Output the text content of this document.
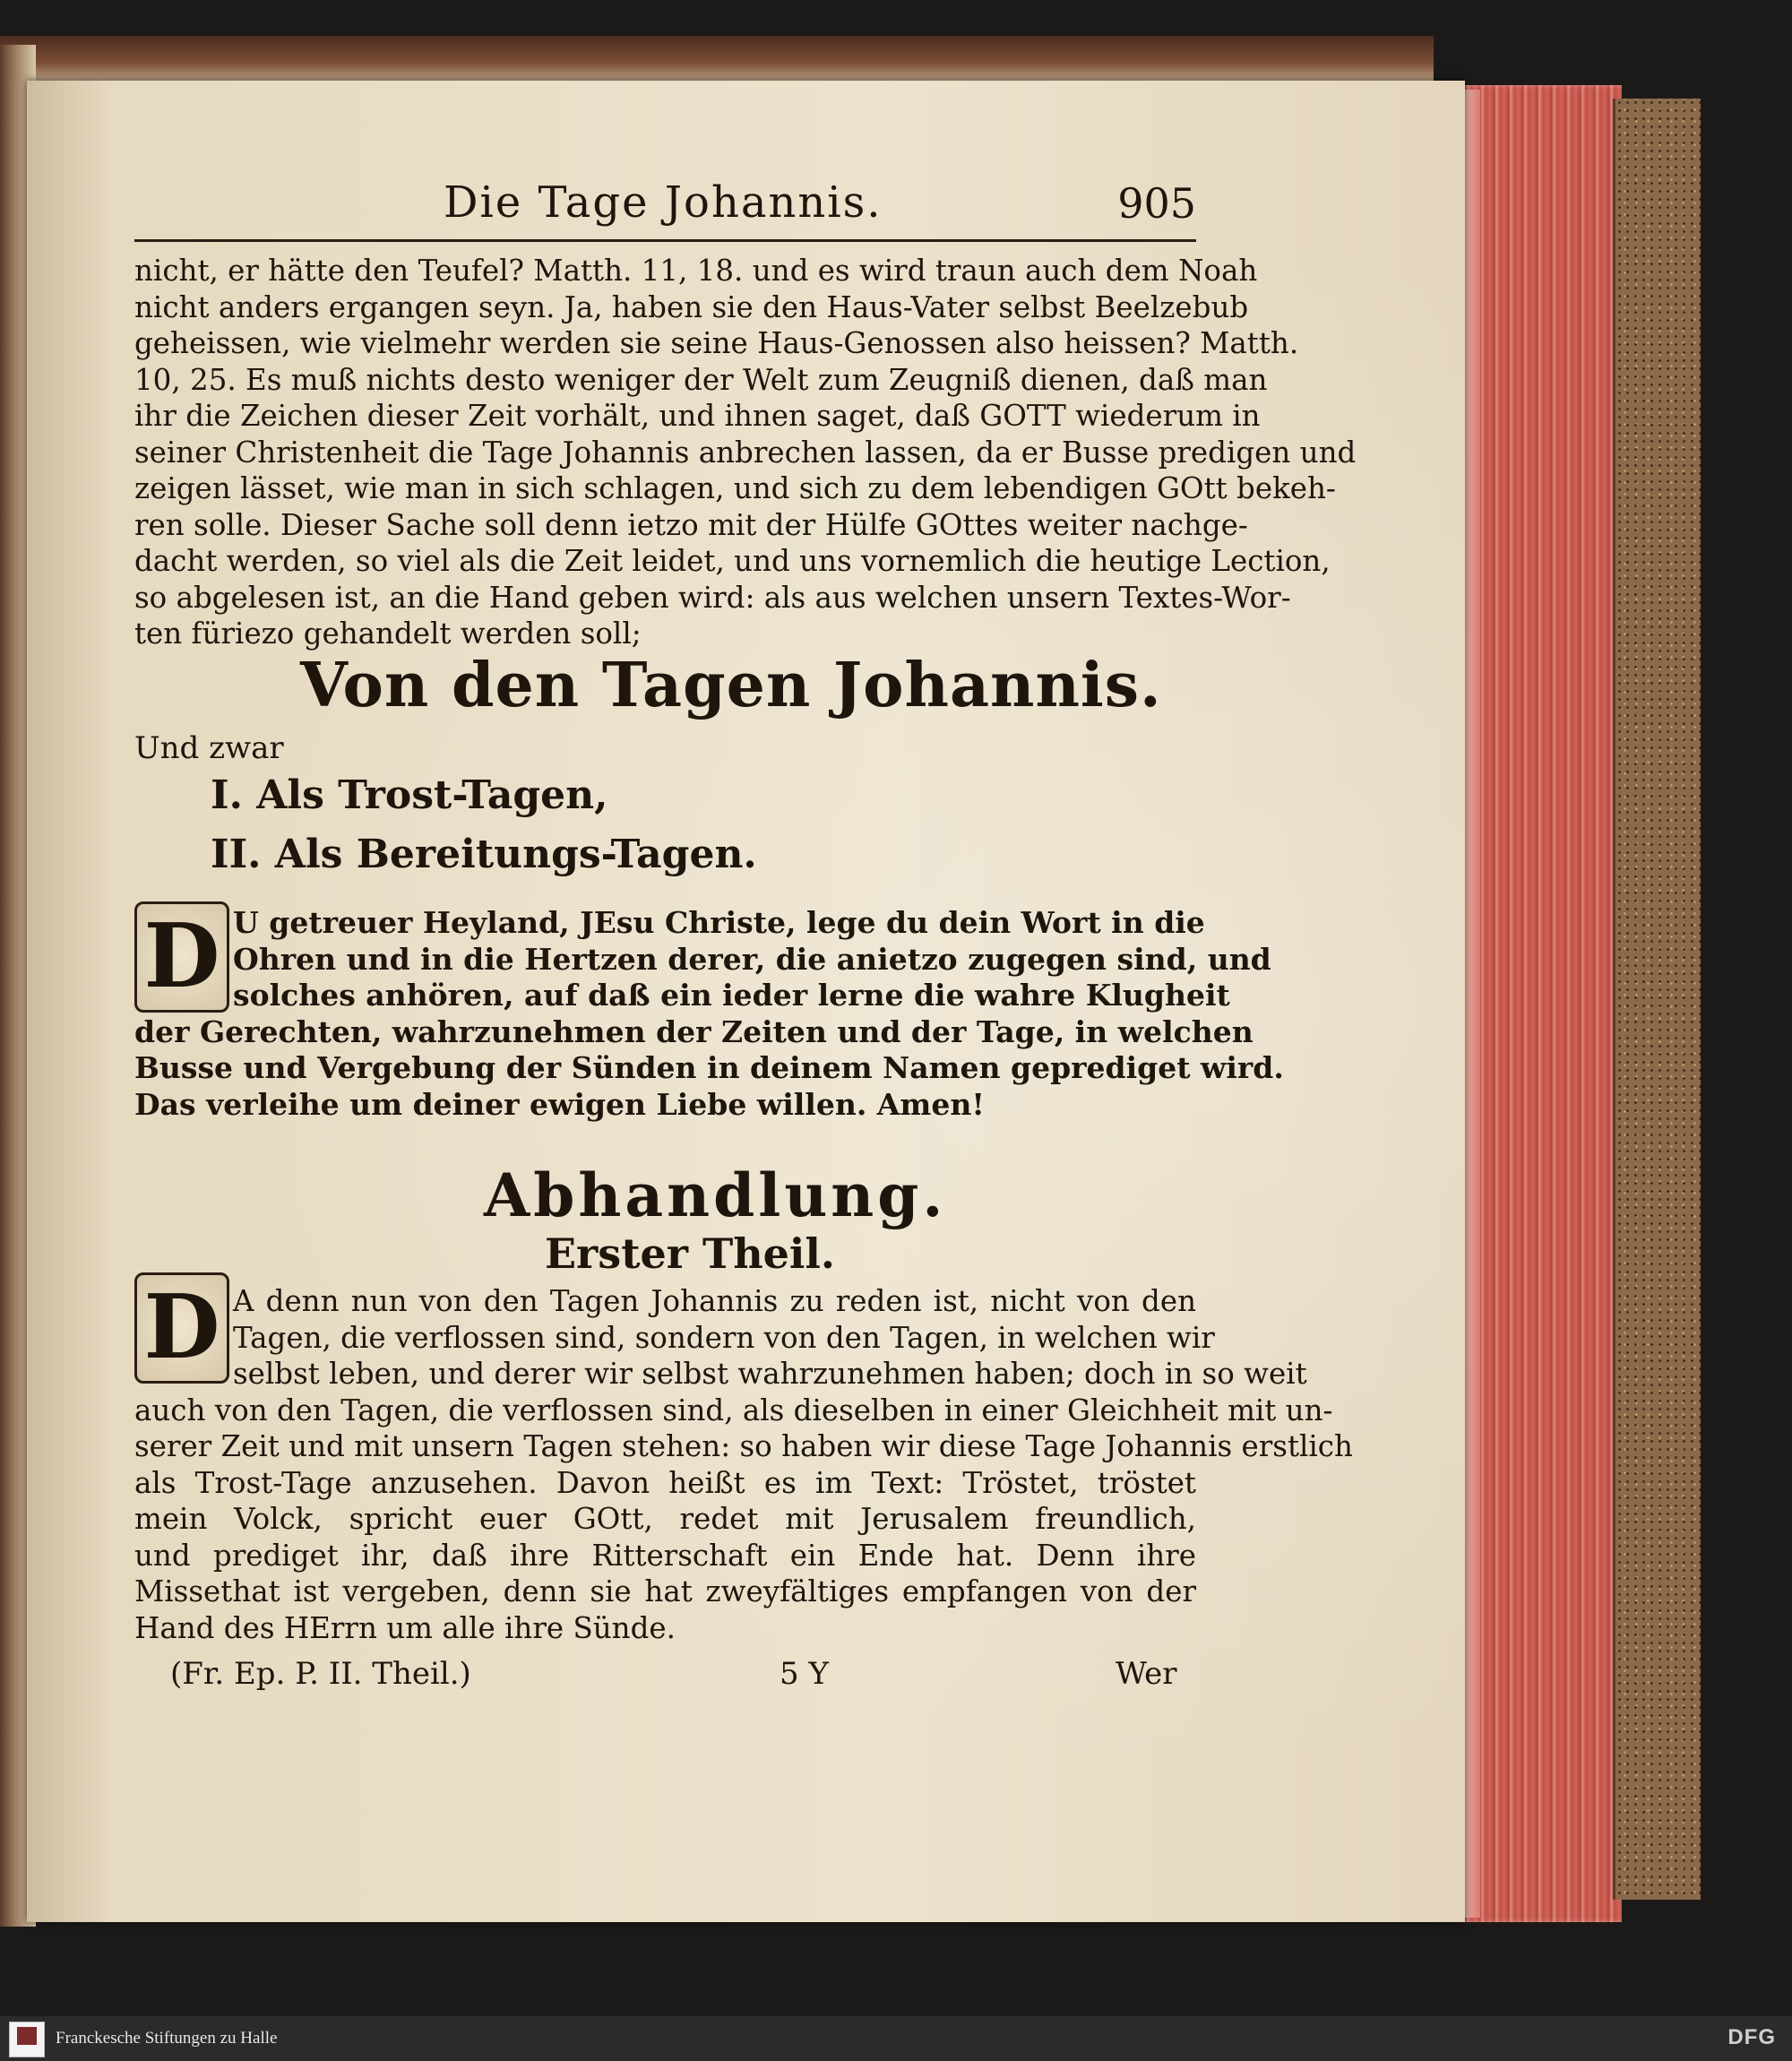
Die Tage Johannis.	905
nicht, er hätte den Teufel? Matth. 11, 18. und es wird traun auch dem Noah
nicht anders ergangen seyn. Ja, haben sie den Haus-Vater selbst Beelzebub
geheissen, wie vielmehr werden sie seine Haus-Genossen also heissen? Matth.
10, 25. Es muß nichts desto weniger der Welt zum Zeugniß dienen, daß man
ihr die Zeichen dieser Zeit vorhält, und ihnen saget, daß GOTT wiederum in
seiner Christenheit die Tage Johannis anbrechen lassen, da er Busse predigen und
zeigen lässet, wie man in sich schlagen, und sich zu dem lebendigen GOtt bekeh-
ren solle. Dieser Sache soll denn ietzo mit der Hülfe GOttes weiter nachge-
dacht werden, so viel als die Zeit leidet, und uns vornemlich die heutige Lection,
so abgelesen ist, an die Hand geben wird: als aus welchen unsern Textes-Wor-
ten füriezo gehandelt werden soll;
Von den Tagen Johannis.
Und zwar
I. Als Trost-Tagen,
II. Als Bereitungs-Tagen.
D U getreuer Heyland, JEsu Christe, lege du dein Wort in die
Ohren und in die Hertzen derer, die anietzo zugegen sind, und
solches anhören, auf daß ein ieder lerne die wahre Klugheit
der Gerechten, wahrzunehmen der Zeiten und der Tage, in welchen
Busse und Vergebung der Sünden in deinem Namen geprediget wird.
Das verleihe um deiner ewigen Liebe willen. Amen!
Abhandlung.
Erster Theil.
D A denn nun von den Tagen Johannis zu reden ist, nicht von den
Tagen, die verflossen sind, sondern von den Tagen, in welchen wir
selbst leben, und derer wir selbst wahrzunehmen haben; doch in so weit
auch von den Tagen, die verflossen sind, als dieselben in einer Gleichheit mit un-
serer Zeit und mit unsern Tagen stehen: so haben wir diese Tage Johannis erstlich
als Trost-Tage anzusehen. Davon heißt es im Text: Tröstet, tröstet
mein Volck, spricht euer GOtt, redet mit Jerusalem freundlich,
und prediget ihr, daß ihre Ritterschaft ein Ende hat. Denn ihre
Missethat ist vergeben, denn sie hat zweyfältiges empfangen von der
Hand des HErrn um alle ihre Sünde.
(Fr. Ep. P. II. Theil.)	5 Y	Wer
Franckesche Stiftungen zu Halle	DFG
